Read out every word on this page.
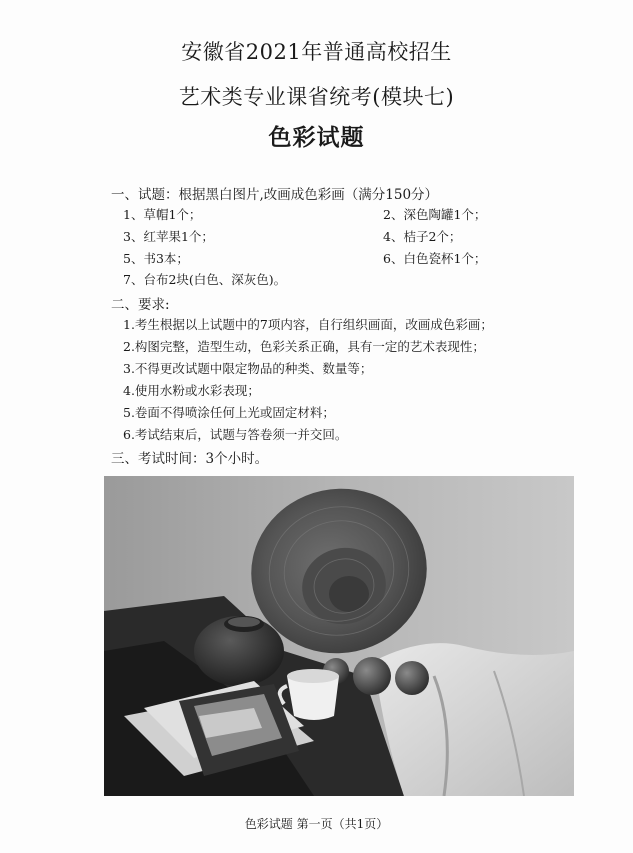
安徽省2021年普通高校招生
艺术类专业课省统考(模块七)
色彩试题
一、试题：根据黑白图片,改画成色彩画（满分150分）
1、草帽1个；	2、深色陶罐1个；
3、红苹果1个；	4、桔子2个；
5、书3本；	6、白色瓷杯1个；
7、台布2块(白色、深灰色)。
二、要求:
1.考生根据以上试题中的7项内容，自行组织画面，改画成色彩画；
2.构图完整，造型生动，色彩关系正确，具有一定的艺术表现性；
3.不得更改试题中限定物品的种类、数量等；
4.使用水粉或水彩表现；
5.卷面不得喷涂任何上光或固定材料；
6.考试结束后，试题与答卷须一并交回。
三、考试时间：3个小时。
色彩试题 第一页（共1页）
